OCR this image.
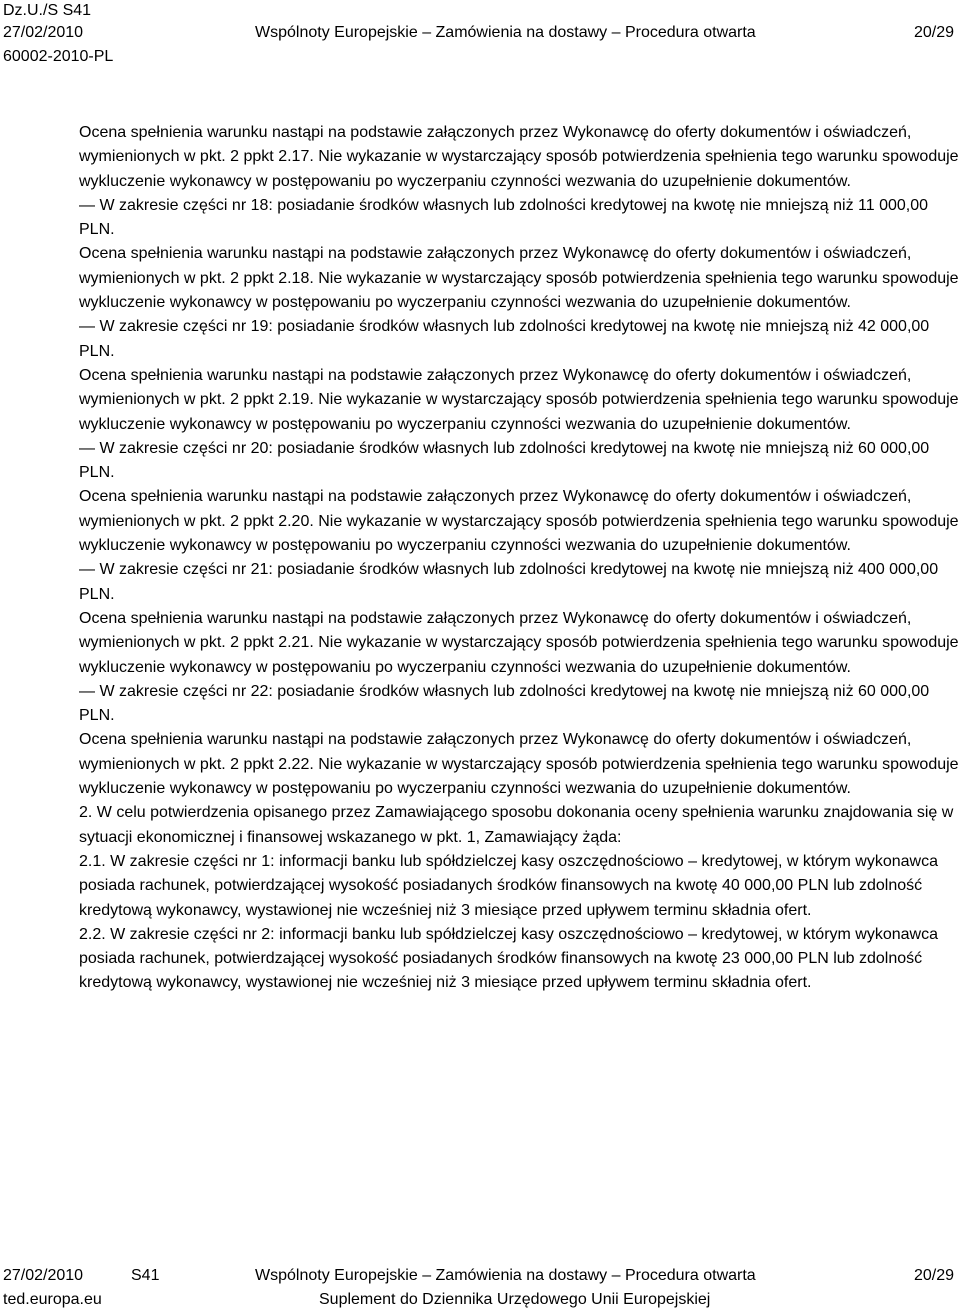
Dz.U./S S41
27/02/2010	Wspólnoty Europejskie – Zamówienia na dostawy – Procedura otwarta	20/29
60002-2010-PL

Ocena spełnienia warunku nastąpi na podstawie załączonych przez Wykonawcę do oferty dokumentów i oświadczeń, wymienionych w pkt. 2 ppkt 2.17. Nie wykazanie w wystarczający sposób potwierdzenia spełnienia tego warunku spowoduje wykluczenie wykonawcy w postępowaniu po wyczerpaniu czynności wezwania do uzupełnienie dokumentów.

— W zakresie części nr 18: posiadanie środków własnych lub zdolności kredytowej na kwotę nie mniejszą niż 11 000,00 PLN.

Ocena spełnienia warunku nastąpi na podstawie załączonych przez Wykonawcę do oferty dokumentów i oświadczeń, wymienionych w pkt. 2 ppkt 2.18. Nie wykazanie w wystarczający sposób potwierdzenia spełnienia tego warunku spowoduje wykluczenie wykonawcy w postępowaniu po wyczerpaniu czynności wezwania do uzupełnienie dokumentów.

— W zakresie części nr 19: posiadanie środków własnych lub zdolności kredytowej na kwotę nie mniejszą niż 42 000,00 PLN.

Ocena spełnienia warunku nastąpi na podstawie załączonych przez Wykonawcę do oferty dokumentów i oświadczeń, wymienionych w pkt. 2 ppkt 2.19. Nie wykazanie w wystarczający sposób potwierdzenia spełnienia tego warunku spowoduje wykluczenie wykonawcy w postępowaniu po wyczerpaniu czynności wezwania do uzupełnienie dokumentów.

— W zakresie części nr 20: posiadanie środków własnych lub zdolności kredytowej na kwotę nie mniejszą niż 60 000,00 PLN.

Ocena spełnienia warunku nastąpi na podstawie załączonych przez Wykonawcę do oferty dokumentów i oświadczeń, wymienionych w pkt. 2 ppkt 2.20. Nie wykazanie w wystarczający sposób potwierdzenia spełnienia tego warunku spowoduje wykluczenie wykonawcy w postępowaniu po wyczerpaniu czynności wezwania do uzupełnienie dokumentów.

— W zakresie części nr 21: posiadanie środków własnych lub zdolności kredytowej na kwotę nie mniejszą niż 400 000,00 PLN.

Ocena spełnienia warunku nastąpi na podstawie załączonych przez Wykonawcę do oferty dokumentów i oświadczeń, wymienionych w pkt. 2 ppkt 2.21. Nie wykazanie w wystarczający sposób potwierdzenia spełnienia tego warunku spowoduje wykluczenie wykonawcy w postępowaniu po wyczerpaniu czynności wezwania do uzupełnienie dokumentów.

— W zakresie części nr 22: posiadanie środków własnych lub zdolności kredytowej na kwotę nie mniejszą niż 60 000,00 PLN.

Ocena spełnienia warunku nastąpi na podstawie załączonych przez Wykonawcę do oferty dokumentów i oświadczeń, wymienionych w pkt. 2 ppkt 2.22. Nie wykazanie w wystarczający sposób potwierdzenia spełnienia tego warunku spowoduje wykluczenie wykonawcy w postępowaniu po wyczerpaniu czynności wezwania do uzupełnienie dokumentów.

2. W celu potwierdzenia opisanego przez Zamawiającego sposobu dokonania oceny spełnienia warunku znajdowania się w sytuacji ekonomicznej i finansowej wskazanego w pkt. 1, Zamawiający żąda:

2.1. W zakresie części nr 1: informacji banku lub spółdzielczej kasy oszczędnościowo – kredytowej, w którym wykonawca posiada rachunek, potwierdzającej wysokość posiadanych środków finansowych na kwotę 40 000,00 PLN lub zdolność kredytową wykonawcy, wystawionej nie wcześniej niż 3 miesiące przed upływem terminu składnia ofert.

2.2. W zakresie części nr 2: informacji banku lub spółdzielczej kasy oszczędnościowo – kredytowej, w którym wykonawca posiada rachunek, potwierdzającej wysokość posiadanych środków finansowych na kwotę 23 000,00 PLN lub zdolność kredytową wykonawcy, wystawionej nie wcześniej niż 3 miesiące przed upływem terminu składnia ofert.

27/02/2010	S41	Wspólnoty Europejskie – Zamówienia na dostawy – Procedura otwarta	20/29
ted.europa.eu	Suplement do Dziennika Urzędowego Unii Europejskiej
